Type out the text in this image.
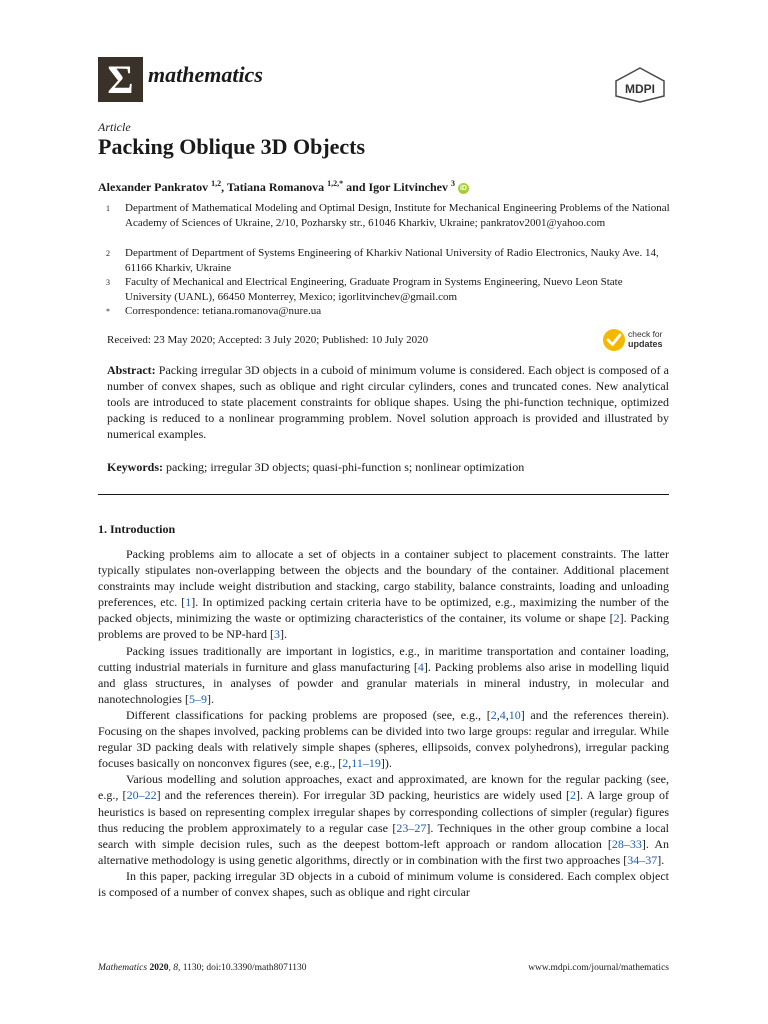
Σ mathematics
MDPI
Article
Packing Oblique 3D Objects
Alexander Pankratov $^{1,2}$, Tatiana Romanova $^{1,2,*}$ and Igor Litvinchev $^3$ iD
1 Department of Mathematical Modeling and Optimal Design, Institute for Mechanical Engineering Problems of the National Academy of Sciences of Ukraine, 2/10, Pozharsky str., 61046 Kharkiv, Ukraine; pankratov2001@yahoo.com
2 Department of Department of Systems Engineering of Kharkiv National University of Radio Electronics, Nauky Ave. 14, 61166 Kharkiv, Ukraine
3 Faculty of Mechanical and Electrical Engineering, Graduate Program in Systems Engineering, Nuevo Leon State University (UANL), 66450 Monterrey, Mexico; igorlitvinchev@gmail.com
* Correspondence: tetiana.romanova@nure.ua
Received: 23 May 2020; Accepted: 3 July 2020; Published: 10 July 2020	check for
updates
Abstract: Packing irregular 3D objects in a cuboid of minimum volume is considered. Each object is composed of a number of convex shapes, such as oblique and right circular cylinders, cones and truncated cones. New analytical tools are introduced to state placement constraints for oblique shapes. Using the phi-function technique, optimized packing is reduced to a nonlinear programming problem. Novel solution approach is provided and illustrated by numerical examples.
Keywords: packing; irregular 3D objects; quasi-phi-function s; nonlinear optimization
1. Introduction

Packing problems aim to allocate a set of objects in a container subject to placement constraints. The latter typically stipulates non-overlapping between the objects and the boundary of the container. Additional placement constraints may include weight distribution and stacking, cargo stability, balance constraints, loading and unloading preferences, etc. [1]. In optimized packing certain criteria have to be optimized, e.g., maximizing the number of the packed objects, minimizing the waste or optimizing characteristics of the container, its volume or shape [2]. Packing problems are proved to be NP-hard [3].

Packing issues traditionally are important in logistics, e.g., in maritime transportation and container loading, cutting industrial materials in furniture and glass manufacturing [4]. Packing problems also arise in modelling liquid and glass structures, in analyses of powder and granular materials in mineral industry, in molecular and nanotechnologies [5–9].

Different classifications for packing problems are proposed (see, e.g., [2,4,10] and the references therein). Focusing on the shapes involved, packing problems can be divided into two large groups: regular and irregular. While regular 3D packing deals with relatively simple shapes (spheres, ellipsoids, convex polyhedrons), irregular packing focuses basically on nonconvex figures (see, e.g., [2,11–19]).

Various modelling and solution approaches, exact and approximated, are known for the regular packing (see, e.g., [20–22] and the references therein). For irregular 3D packing, heuristics are widely used [2]. A large group of heuristics is based on representing complex irregular shapes by corresponding collections of simpler (regular) figures thus reducing the problem approximately to a regular case [23–27]. Techniques in the other group combine a local search with simple decision rules, such as the deepest bottom-left approach or random allocation [28–33]. An alternative methodology is using genetic algorithms, directly or in combination with the first two approaches [34–37].

In this paper, packing irregular 3D objects in a cuboid of minimum volume is considered. Each complex object is composed of a number of convex shapes, such as oblique and right circular

Mathematics 2020, 8, 1130; doi:10.3390/math8071130	www.mdpi.com/journal/mathematics
